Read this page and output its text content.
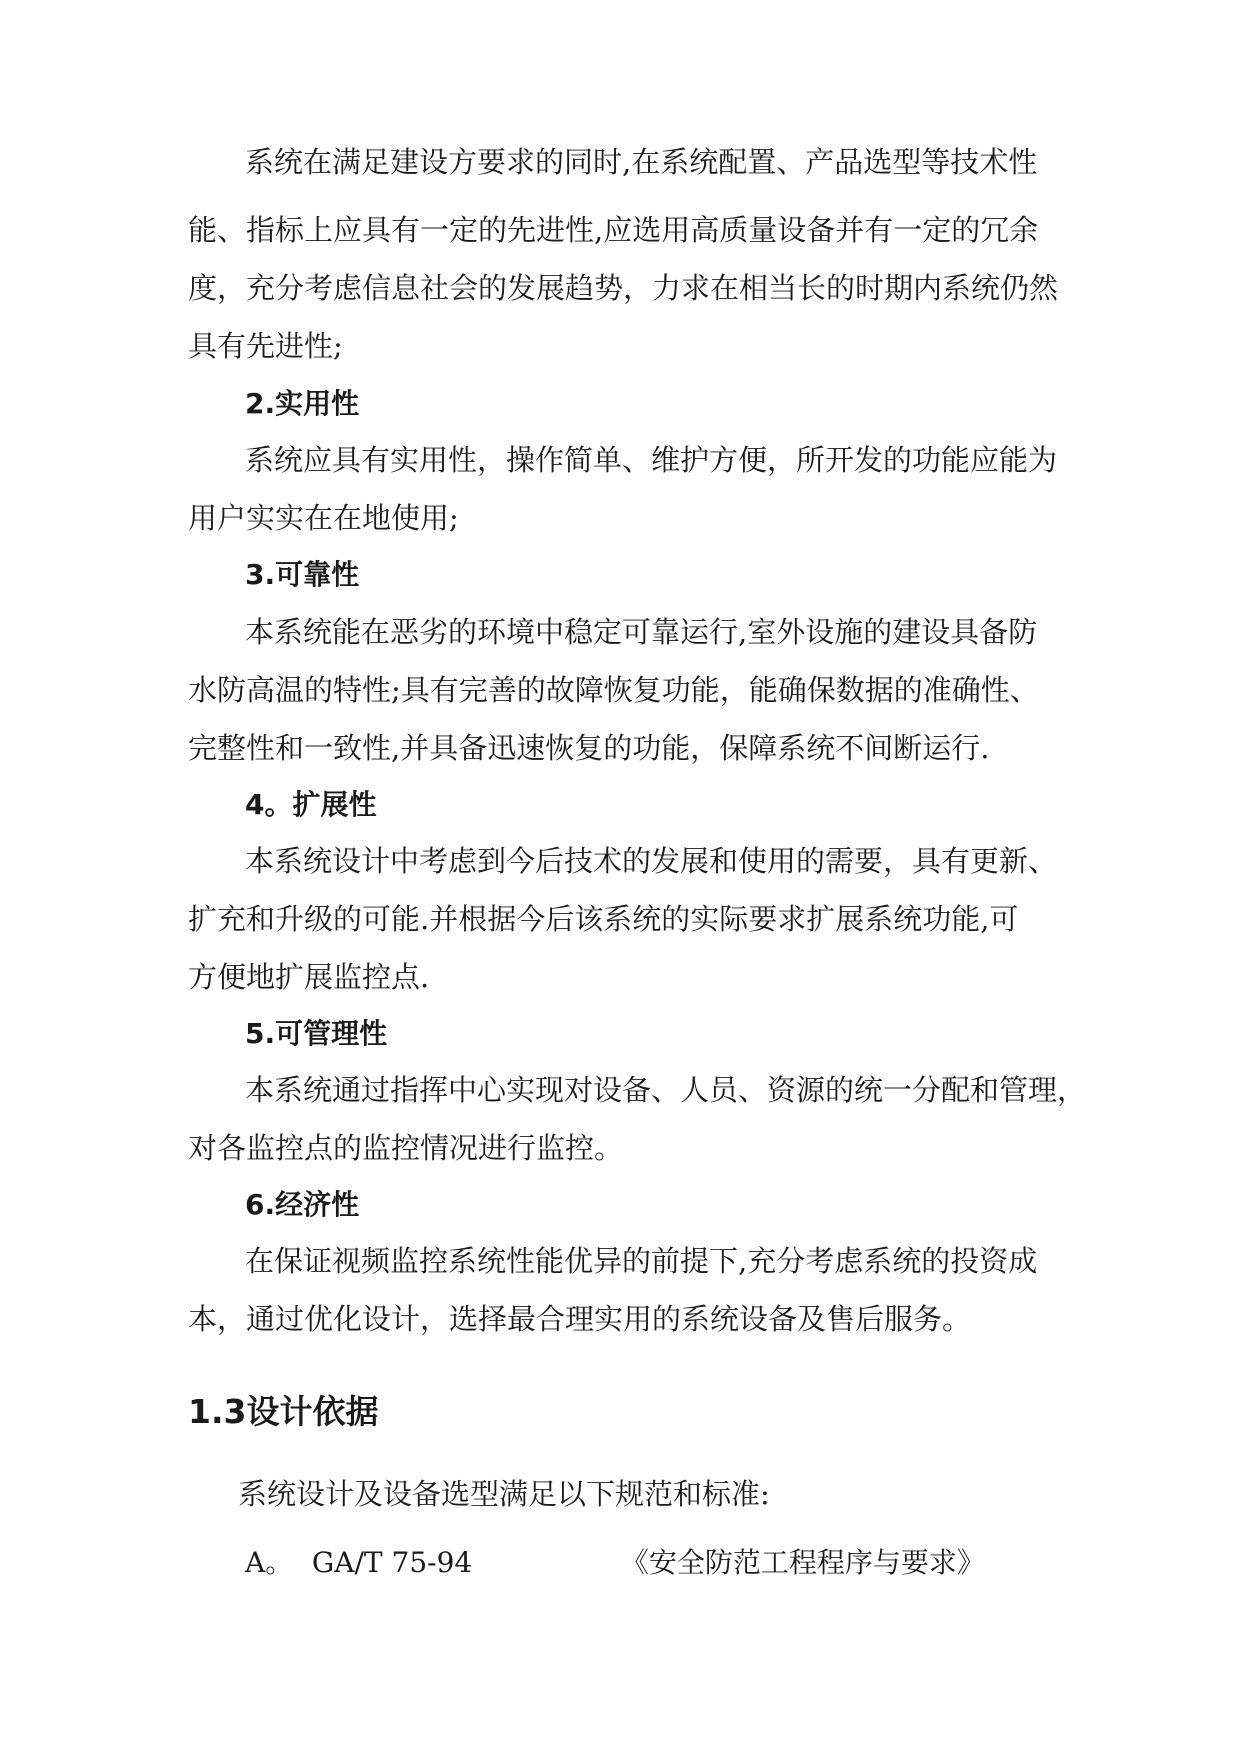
系统在满足建设方要求的同时,在系统配置、产品选型等技术性
能、指标上应具有一定的先进性,应选用高质量设备并有一定的冗余
度，充分考虑信息社会的发展趋势，力求在相当长的时期内系统仍然
具有先进性;
2.实用性
系统应具有实用性，操作简单、维护方便，所开发的功能应能为
用户实实在在地使用;
3.可靠性
本系统能在恶劣的环境中稳定可靠运行,室外设施的建设具备防
水防高温的特性;具有完善的故障恢复功能，能确保数据的准确性、
完整性和一致性,并具备迅速恢复的功能，保障系统不间断运行.
4。扩展性
本系统设计中考虑到今后技术的发展和使用的需要，具有更新、
扩充和升级的可能.并根据今后该系统的实际要求扩展系统功能,可
方便地扩展监控点.
5.可管理性
本系统通过指挥中心实现对设备、人员、资源的统一分配和管理，
对各监控点的监控情况进行监控。
6.经济性
在保证视频监控系统性能优异的前提下,充分考虑系统的投资成
本，通过优化设计，选择最合理实用的系统设备及售后服务。
1.3设计依据
系统设计及设备选型满足以下规范和标准:
A。 GA/T 75-94	《安全防范工程程序与要求》
